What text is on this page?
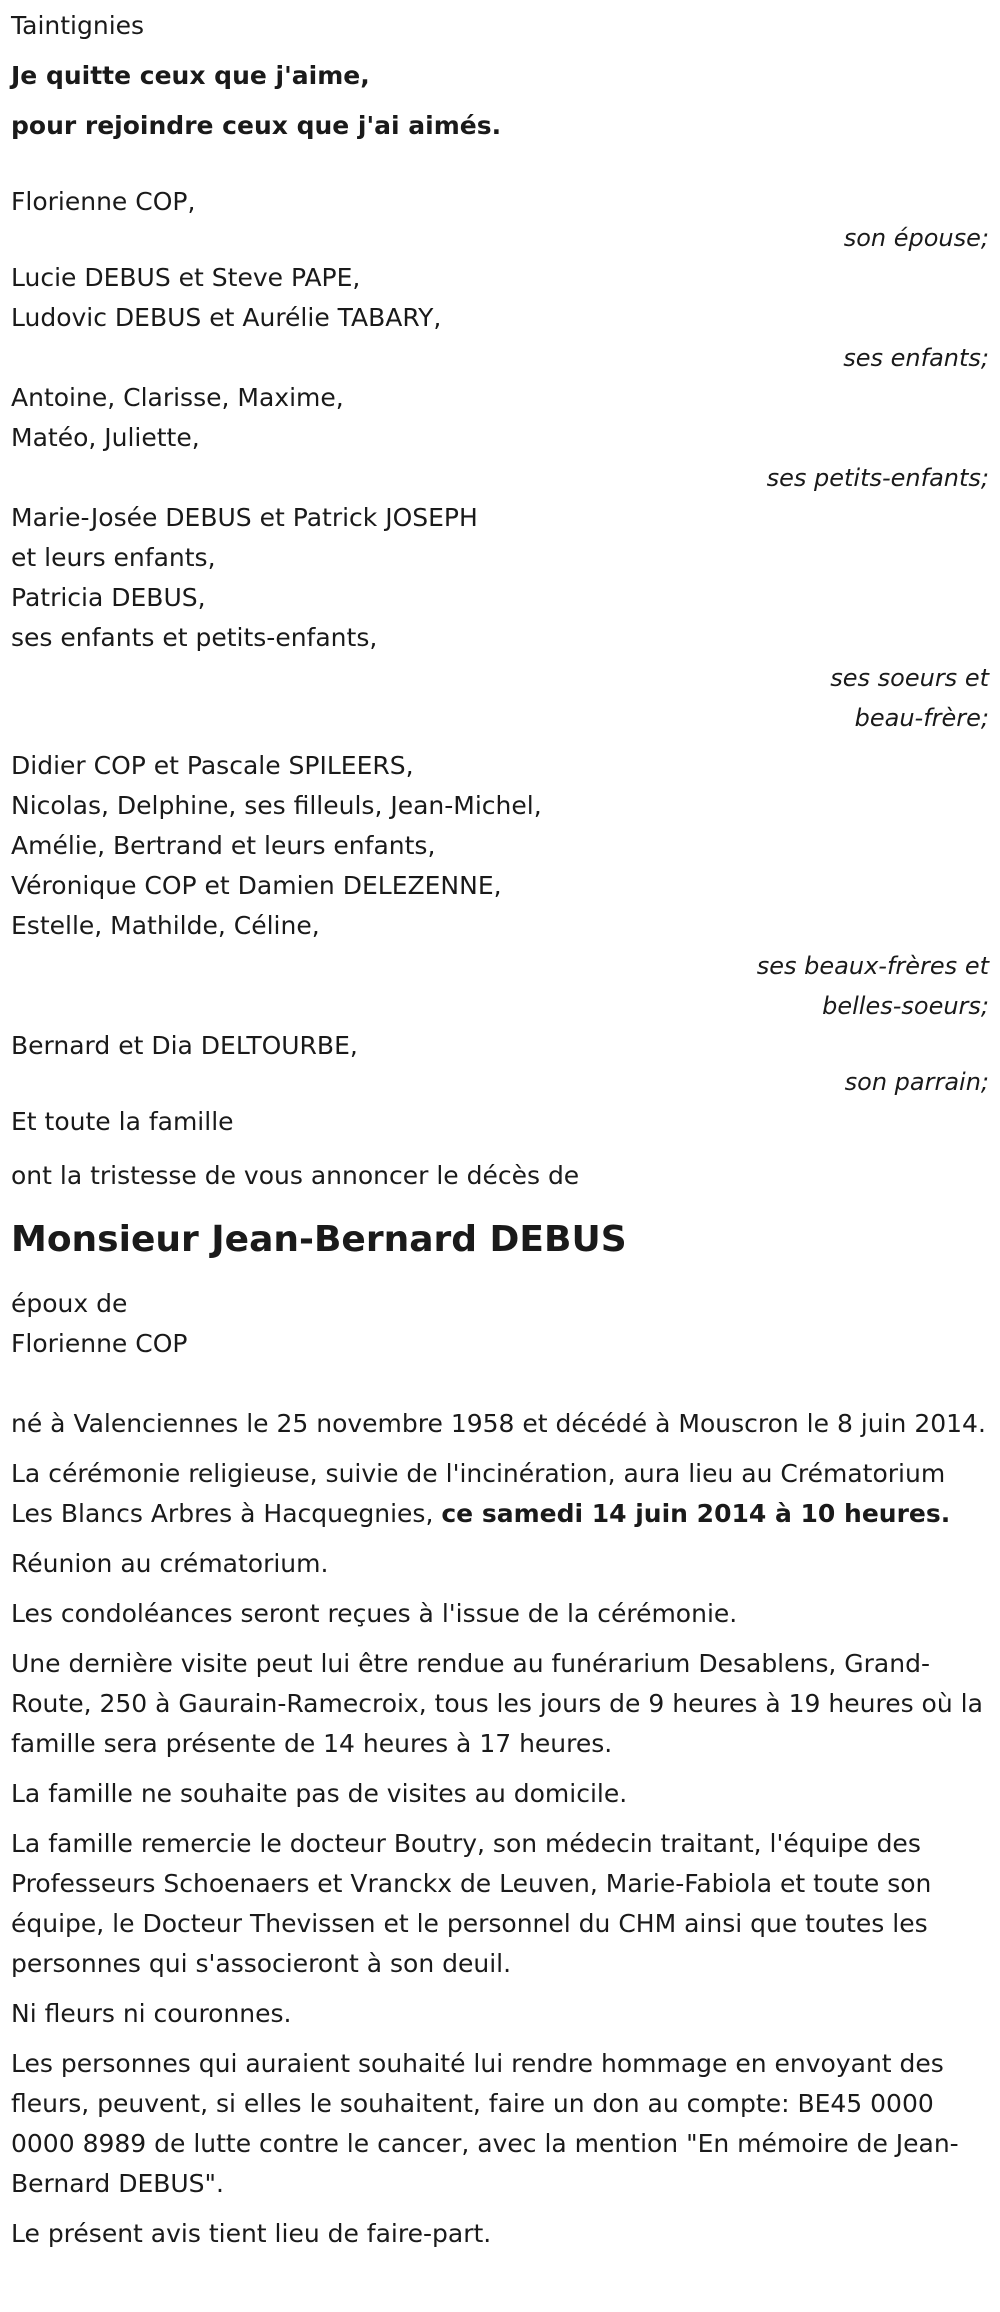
Taintignies

Je quitte ceux que j'aime,

pour rejoindre ceux que j'ai aimés.

Florienne COP,

son épouse;

Lucie DEBUS et Steve PAPE,

Ludovic DEBUS et Aurélie TABARY,

ses enfants;

Antoine, Clarisse, Maxime,

Matéo, Juliette,

ses petits-enfants;

Marie-Josée DEBUS et Patrick JOSEPH

et leurs enfants,

Patricia DEBUS,

ses enfants et petits-enfants,

ses soeurs et

beau-frère;

Didier COP et Pascale SPILEERS,

Nicolas, Delphine, ses filleuls, Jean-Michel,

Amélie, Bertrand et leurs enfants,

Véronique COP et Damien DELEZENNE,

Estelle, Mathilde, Céline,

ses beaux-frères et

belles-soeurs;

Bernard et Dia DELTOURBE,

son parrain;

Et toute la famille

ont la tristesse de vous annoncer le décès de

Monsieur Jean-Bernard DEBUS

époux de

Florienne COP

né à Valenciennes le 25 novembre 1958 et décédé à Mouscron le 8 juin 2014.

La cérémonie religieuse, suivie de l'incinération, aura lieu au Crématorium Les Blancs Arbres à Hacquegnies, ce samedi 14 juin 2014 à 10 heures.

Réunion au crématorium.

Les condoléances seront reçues à l'issue de la cérémonie.

Une dernière visite peut lui être rendue au funérarium Desablens, Grand-Route, 250 à Gaurain-Ramecroix, tous les jours de 9 heures à 19 heures où la famille sera présente de 14 heures à 17 heures.

La famille ne souhaite pas de visites au domicile.

La famille remercie le docteur Boutry, son médecin traitant, l'équipe des Professeurs Schoenaers et Vranckx de Leuven, Marie-Fabiola et toute son équipe, le Docteur Thevissen et le personnel du CHM ainsi que toutes les personnes qui s'associeront à son deuil.

Ni fleurs ni couronnes.

Les personnes qui auraient souhaité lui rendre hommage en envoyant des fleurs, peuvent, si elles le souhaitent, faire un don au compte: BE45 0000 0000 8989 de lutte contre le cancer, avec la mention "En mémoire de Jean-Bernard DEBUS".

Le présent avis tient lieu de faire-part.
